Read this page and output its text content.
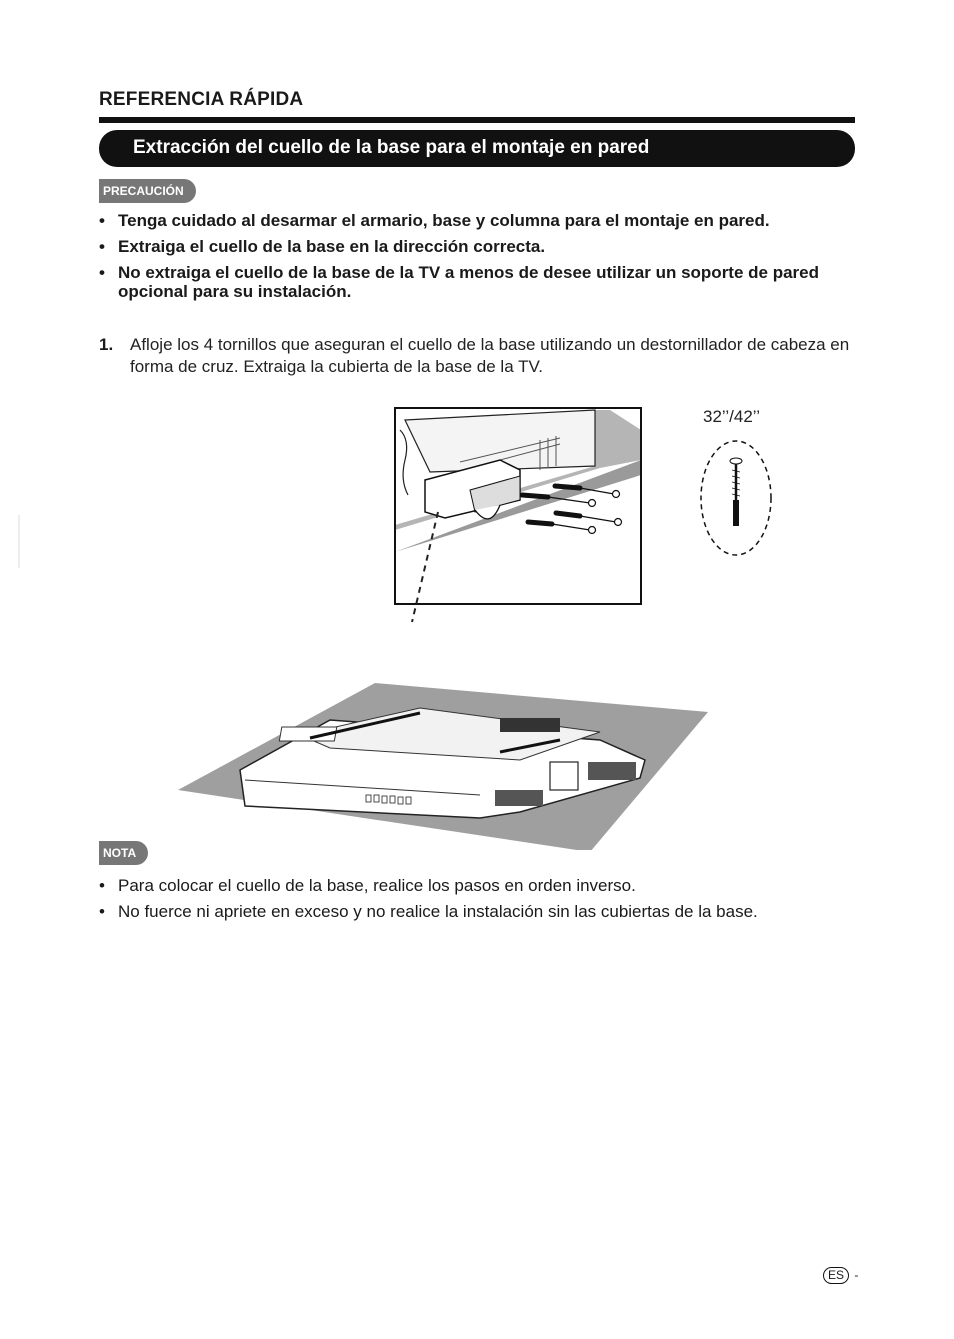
REFERENCIA RÁPIDA
Extracción del cuello de la base para el montaje en pared
PRECAUCIÓN
• Tenga cuidado al desarmar el armario, base y columna para el montaje en pared.
• Extraiga el cuello de la base en la dirección correcta.
• No extraiga el cuello de la base de la TV a menos de desee utilizar un soporte de pared opcional para su instalación.
1. Afloje los 4 tornillos que aseguran el cuello de la base utilizando un destornillador de cabeza en forma de cruz. Extraiga la cubierta de la base de la TV.
32’’/42’’
NOTA
• Para colocar el cuello de la base, realice los pasos en orden inverso.
• No fuerce ni apriete en exceso y no realice la instalación sin las cubiertas de la base.
ES -
